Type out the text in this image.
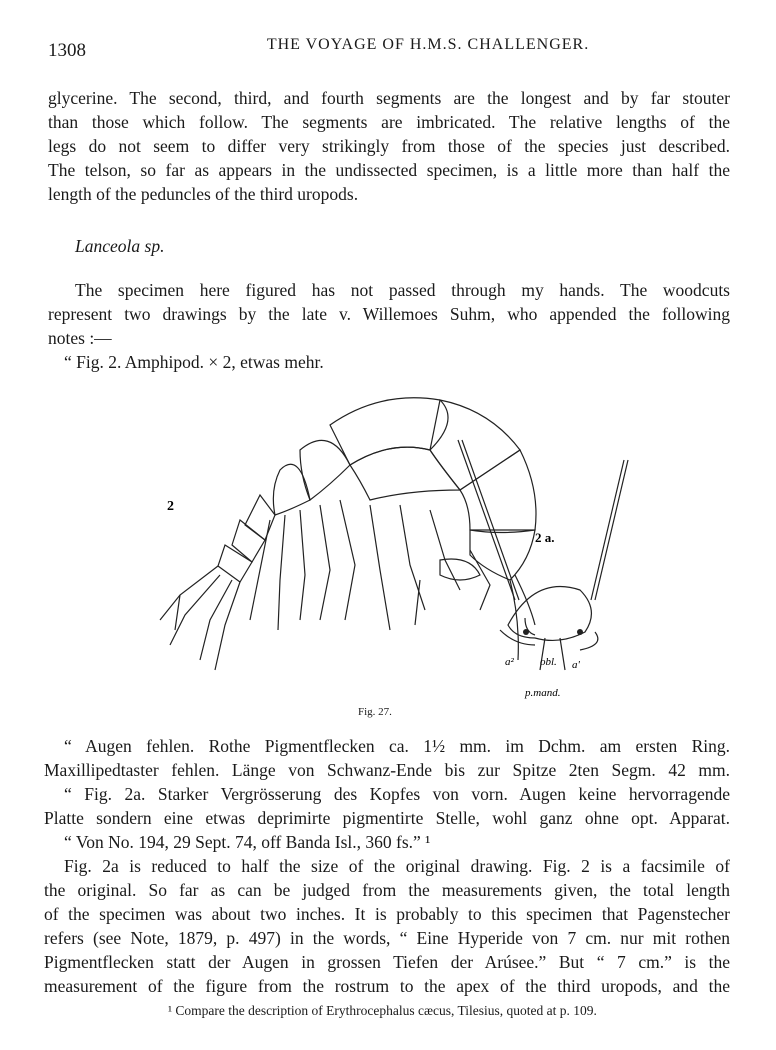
1308	THE VOYAGE OF H.M.S. CHALLENGER.
glycerine. The second, third, and fourth segments are the longest and by far stouter
than those which follow. The segments are imbricated. The relative lengths of the
legs do not seem to differ very strikingly from those of the species just described.
The telson, so far as appears in the undissected specimen, is a little more than half the
length of the peduncles of the third uropods.
Lanceola sp.
The specimen here figured has not passed through my hands. The woodcuts
represent two drawings by the late v. Willemoes Suhm, who appended the following
notes :—
“ Fig. 2. Amphipod. × 2, etwas mehr.
2
2 a.
a² obl. a'
p.mand.
Fig. 27.
“ Augen fehlen. Rothe Pigmentflecken ca. 1½ mm. im Dchm. am ersten Ring.
Maxillipedtaster fehlen. Länge von Schwanz-Ende bis zur Spitze 2ten Segm. 42 mm.
“ Fig. 2a. Starker Vergrösserung des Kopfes von vorn. Augen keine hervorragende
Platte sondern eine etwas deprimirte pigmentirte Stelle, wohl ganz ohne opt. Apparat.
“ Von No. 194, 29 Sept. 74, off Banda Isl., 360 fs.” ¹
Fig. 2a is reduced to half the size of the original drawing. Fig. 2 is a facsimile of
the original. So far as can be judged from the measurements given, the total length
of the specimen was about two inches. It is probably to this specimen that Pagenstecher
refers (see Note, 1879, p. 497) in the words, “ Eine Hyperide von 7 cm. nur mit rothen
Pigmentflecken statt der Augen in grossen Tiefen der Arúsee.” But “ 7 cm.” is the
measurement of the figure from the rostrum to the apex of the third uropods, and the
¹ Compare the description of Erythrocephalus cæcus, Tilesius, quoted at p. 109.
